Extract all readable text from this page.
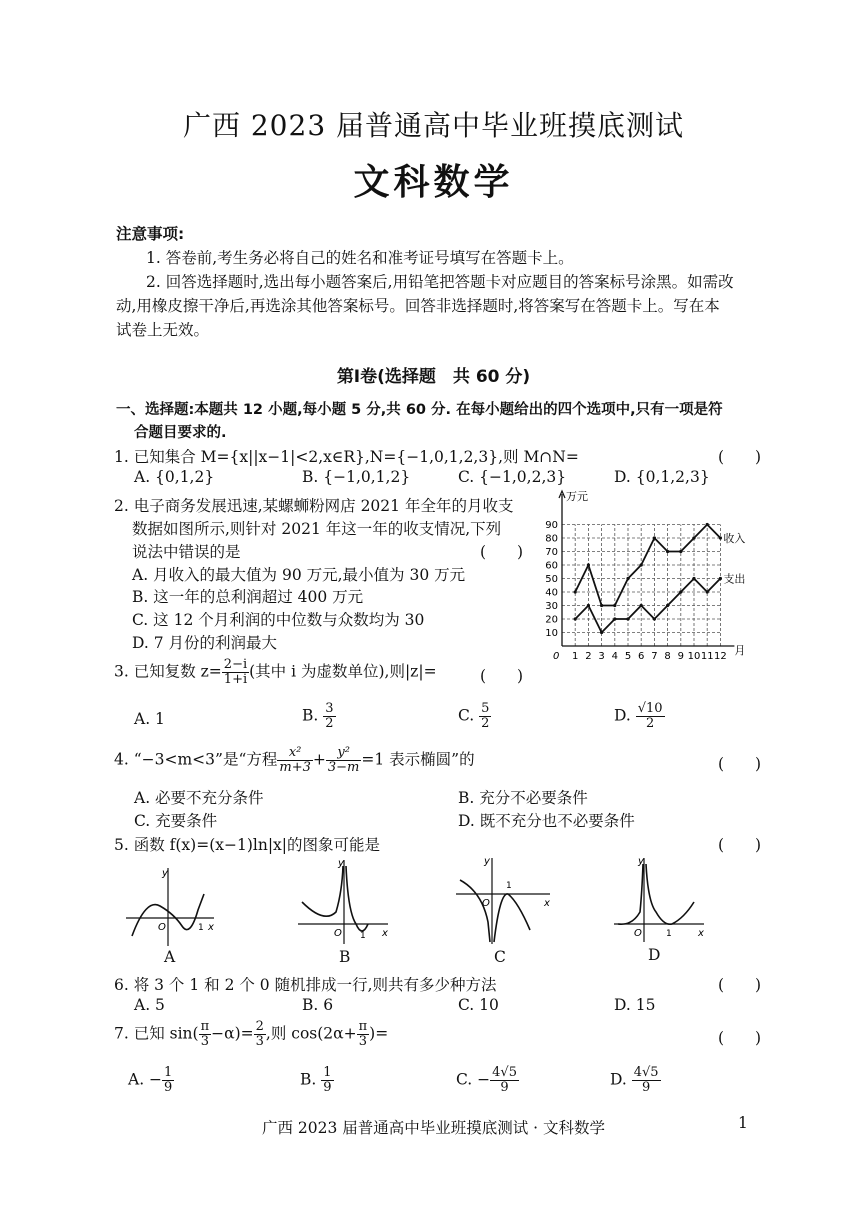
广西 2023 届普通高中毕业班摸底测试
文科数学
注意事项:
1. 答卷前,考生务必将自己的姓名和准考证号填写在答题卡上。
2. 回答选择题时,选出每小题答案后,用铅笔把答题卡对应题目的答案标号涂黑。如需改
动,用橡皮擦干净后,再选涂其他答案标号。回答非选择题时,将答案写在答题卡上。写在本
试卷上无效。
第Ⅰ卷(选择题　共 60 分)
一、选择题:本题共 12 小题,每小题 5 分,共 60 分. 在每小题给出的四个选项中,只有一项是符
合题目要求的.
1. 已知集合 M={x||x−1|<2,x∈R},N={−1,0,1,2,3},则 M∩N=	(　　)
A. {0,1,2}	B. {−1,0,1,2}	C. {−1,0,2,3}	D. {0,1,2,3}
2. 电子商务发展迅速,某螺蛳粉网店 2021 年全年的月收支
数据如图所示,则针对 2021 年这一年的收支情况,下列
说法中错误的是	(　　)
A. 月收入的最大值为 90 万元,最小值为 30 万元
B. 这一年的总利润超过 400 万元
C. 这 12 个月利润的中位数与众数均为 30
D. 7 月份的利润最大
10
20
30
40
50
60
70
80
90
1 2 3 4 5 6 7 8 9 10 11 12
0
万元
月
收入
支出
3. 已知复数 $z= \frac{2-i}{1+i}$ (其中 i 为虚数单位),则|z|=	(　　)
A. 1	B. $\frac{3}{2}$	C. $\frac{5}{2}$	D. $\frac{√10}{2}$
4. “−3<m<3”是“方程 $\frac{\text{x²}}{m+3} + \frac{\text{y²}}{3-m} =1$ 表示椭圆”的	(　　)
A. 必要不充分条件	B. 充分不必要条件
C. 充要条件	D. 既不充分也不必要条件
5. 函数 f(x)=(x−1)ln|x|的图象可能是	(　　)
y
x
O	1
A
y
x
O 1
B
y
x
O
1
C
y
x
O	1
D
6. 将 3 个 1 和 2 个 0 随机排成一行,则共有多少种方法	(　　)
A. 5	B. 6	C. 10	D. 15
7. 已知 $\sin( \frac{\pi}{3} -\alpha)= \frac{2}{3}$ ,则 $\cos(2\alpha+ \frac{\pi}{3}$ )=	(　　)
A. − $\frac{1}{9}$	B. $\frac{1}{9}$	C. − $\frac{4√5}{9}$	D. $\frac{4√5}{9}$
广西 2023 届普通高中毕业班摸底测试 · 文科数学	1
